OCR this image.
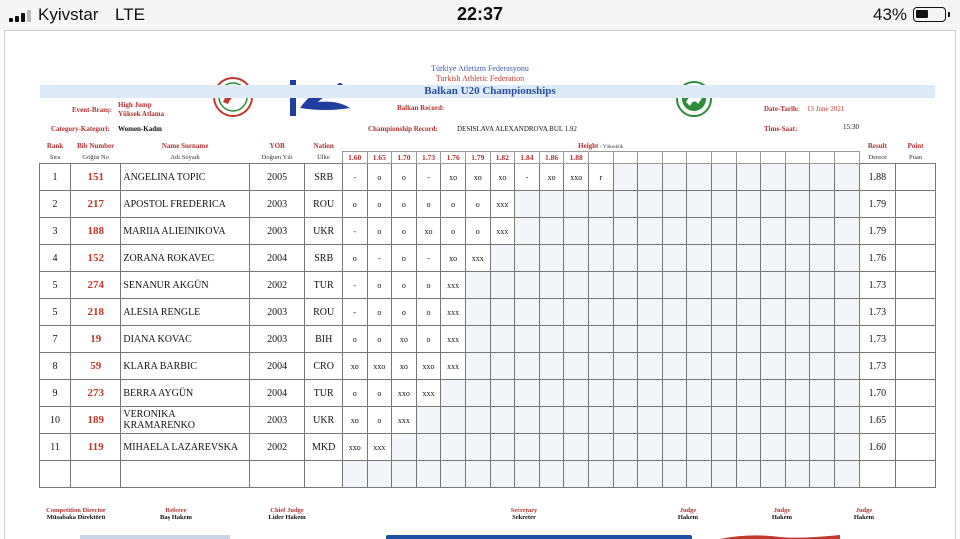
Kyivstar LTE	22:37	43%
Türkiye Atletizm Federasyonu
Turkish Athletic Federation
Balkan U20 Championships
Event-Branş:
High Jump
Yüksek Atlama
Balkan Record:	Date-Tarih: 13 June 2021
Category-Kategori: Women-Kadın	Championship Record:	DESISLAVA ALEXANDROVA BUL 1.92	Time-Saat:	15:30
Rank	Bib Number	Name Surname	YOB	Nation	Height - Yükseklik																					Result	Point
Sıra	Göğüs No	Adı Soyadı	Doğum Yılı	Ülke	1.60	1.65	1.70	1.73	1.76	1.79	1.82	1.84	1.86	1.88												Derece	Puan
1	151	ANGELINA TOPIC	2005	SRB	-	o	o	-	xo	xo	xo	-	xo	xxo	r											1.88	
2	217	APOSTOL FREDERICA	2003	ROU	o	o	o	o	o	o	xxx															1.79	
3	188	MARIIA ALIEINIKOVA	2003	UKR	-	o	o	xo	o	o	xxx															1.79	
4	152	ZORANA ROKAVEC	2004	SRB	o	-	o	-	xo	xxx																1.76	
5	274	SENANUR AKGÜN	2002	TUR	-	o	o	o	xxx																	1.73	
5	218	ALESIA RENGLE	2003	ROU	-	o	o	o	xxx																	1.73	
7	19	DIANA KOVAC	2003	BIH	o	o	xo	o	xxx																	1.73	
8	59	KLARA BARBIC	2004	CRO	xo	xxo	xo	xxo	xxx																	1.73	
9	273	BERRA AYGÜN	2004	TUR	o	o	xxo	xxx																		1.70	
10	189	VERONIKA KRAMARENKO	2003	UKR	xo	o	xxx																			1.65	
11	119	MIHAELA LAZAREVSKA	2002	MKD	xxo	xxx																				1.60	

Competition Director
Müsabaka Direktörü
Referee
Baş Hakem
Chief Judge
Lider Hakem
Secretary
Sekreter
Judge
Hakem
Judge
Hakem
Judge
Hakem
